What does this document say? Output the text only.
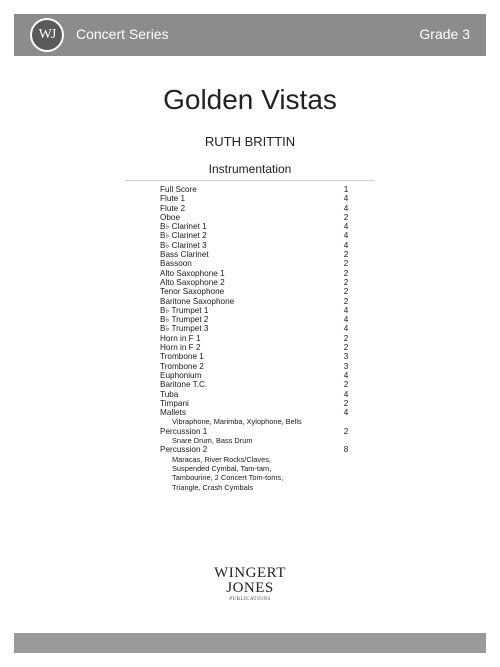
WJ	Concert Series	Grade 3
Golden Vistas
RUTH BRITTIN
Instrumentation
Full Score	1
Flute 1	4
Flute 2	4
Oboe	2
B♭ Clarinet 1	4
B♭ Clarinet 2	4
B♭ Clarinet 3	4
Bass Clarinet	2
Bassoon	2
Alto Saxophone 1	2
Alto Saxophone 2	2
Tenor Saxophone	2
Baritone Saxophone	2
B♭ Trumpet 1	4
B♭ Trumpet 2	4
B♭ Trumpet 3	4
Horn in F 1	2
Horn in F 2	2
Trombone 1	3
Trombone 2	3
Euphonium	4
Baritone T.C.	2
Tuba	4
Timpani	2
Mallets	4
Vibraphone, Marimba, Xylophone, Bells
Percussion 1	2
Snare Drum, Bass Drum
Percussion 2	8
Maracas, River Rocks/Claves,
Suspended Cymbal, Tam-tam,
Tambourine, 2 Concert Tom-toms,
Triangle, Crash Cymbals
WINGERT
JONES
PUBLICATIONS
